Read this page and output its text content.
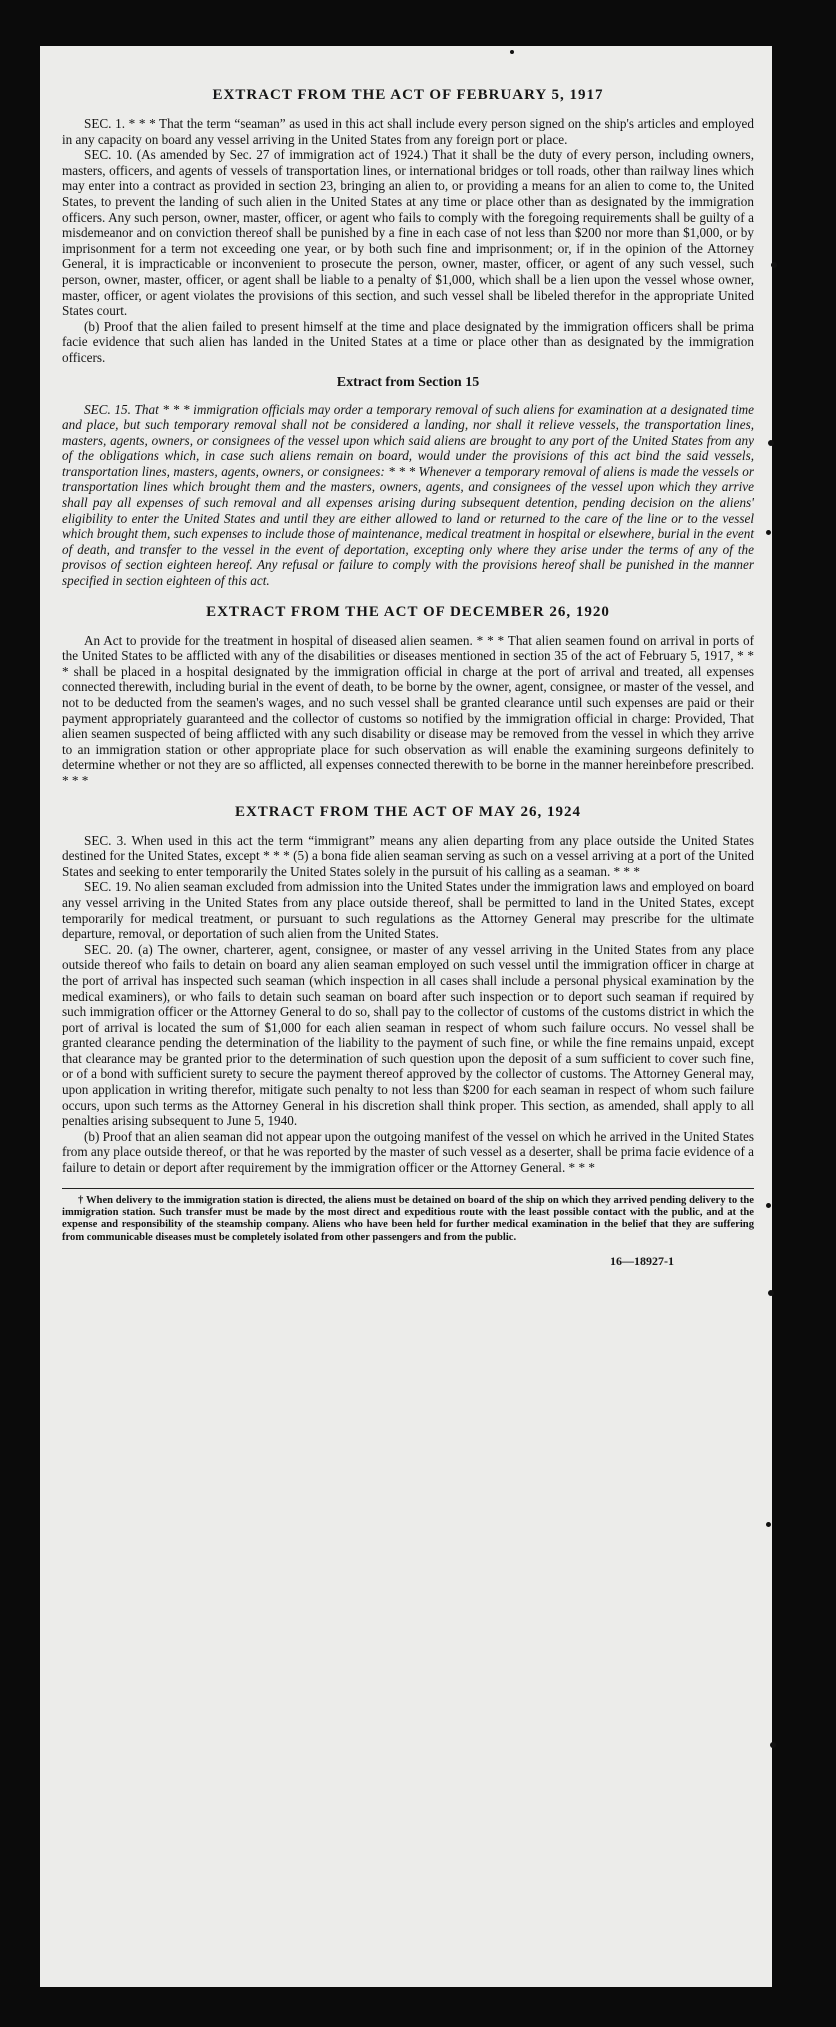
EXTRACT FROM THE ACT OF FEBRUARY 5, 1917

SEC. 1. * * * That the term “seaman” as used in this act shall include every person signed on the ship's articles and employed in any capacity on board any vessel arriving in the United States from any foreign port or place.

SEC. 10. (As amended by Sec. 27 of immigration act of 1924.) That it shall be the duty of every person, including owners, masters, officers, and agents of vessels of transportation lines, or international bridges or toll roads, other than railway lines which may enter into a contract as provided in section 23, bringing an alien to, or providing a means for an alien to come to, the United States, to prevent the landing of such alien in the United States at any time or place other than as designated by the immigration officers. Any such person, owner, master, officer, or agent who fails to comply with the foregoing requirements shall be guilty of a misdemeanor and on conviction thereof shall be punished by a fine in each case of not less than $200 nor more than $1,000, or by imprisonment for a term not exceeding one year, or by both such fine and imprisonment; or, if in the opinion of the Attorney General, it is impracticable or inconvenient to prosecute the person, owner, master, officer, or agent of any such vessel, such person, owner, master, officer, or agent shall be liable to a penalty of $1,000, which shall be a lien upon the vessel whose owner, master, officer, or agent violates the provisions of this section, and such vessel shall be libeled therefor in the appropriate United States court.

(b) Proof that the alien failed to present himself at the time and place designated by the immigration officers shall be prima facie evidence that such alien has landed in the United States at a time or place other than as designated by the immigration officers.

Extract from Section 15

SEC. 15. That * * * immigration officials may order a temporary removal of such aliens for examination at a designated time and place, but such temporary removal shall not be considered a landing, nor shall it relieve vessels, the transportation lines, masters, agents, owners, or consignees of the vessel upon which said aliens are brought to any port of the United States from any of the obligations which, in case such aliens remain on board, would under the provisions of this act bind the said vessels, transportation lines, masters, agents, owners, or consignees: * * * Whenever a temporary removal of aliens is made the vessels or transportation lines which brought them and the masters, owners, agents, and consignees of the vessel upon which they arrive shall pay all expenses of such removal and all expenses arising during subsequent detention, pending decision on the aliens' eligibility to enter the United States and until they are either allowed to land or returned to the care of the line or to the vessel which brought them, such expenses to include those of maintenance, medical treatment in hospital or elsewhere, burial in the event of death, and transfer to the vessel in the event of deportation, excepting only where they arise under the terms of any of the provisos of section eighteen hereof. Any refusal or failure to comply with the provisions hereof shall be punished in the manner specified in section eighteen of this act.

EXTRACT FROM THE ACT OF DECEMBER 26, 1920

An Act to provide for the treatment in hospital of diseased alien seamen. * * * That alien seamen found on arrival in ports of the United States to be afflicted with any of the disabilities or diseases mentioned in section 35 of the act of February 5, 1917, * * * shall be placed in a hospital designated by the immigration official in charge at the port of arrival and treated, all expenses connected therewith, including burial in the event of death, to be borne by the owner, agent, consignee, or master of the vessel, and not to be deducted from the seamen's wages, and no such vessel shall be granted clearance until such expenses are paid or their payment appropriately guaranteed and the collector of customs so notified by the immigration official in charge: Provided, That alien seamen suspected of being afflicted with any such disability or disease may be removed from the vessel in which they arrive to an immigration station or other appropriate place for such observation as will enable the examining surgeons definitely to determine whether or not they are so afflicted, all expenses connected therewith to be borne in the manner hereinbefore prescribed. * * *

EXTRACT FROM THE ACT OF MAY 26, 1924

SEC. 3. When used in this act the term “immigrant” means any alien departing from any place outside the United States destined for the United States, except * * * (5) a bona fide alien seaman serving as such on a vessel arriving at a port of the United States and seeking to enter temporarily the United States solely in the pursuit of his calling as a seaman. * * *

SEC. 19. No alien seaman excluded from admission into the United States under the immigration laws and employed on board any vessel arriving in the United States from any place outside thereof, shall be permitted to land in the United States, except temporarily for medical treatment, or pursuant to such regulations as the Attorney General may prescribe for the ultimate departure, removal, or deportation of such alien from the United States.

SEC. 20. (a) The owner, charterer, agent, consignee, or master of any vessel arriving in the United States from any place outside thereof who fails to detain on board any alien seaman employed on such vessel until the immigration officer in charge at the port of arrival has inspected such seaman (which inspection in all cases shall include a personal physical examination by the medical examiners), or who fails to detain such seaman on board after such inspection or to deport such seaman if required by such immigration officer or the Attorney General to do so, shall pay to the collector of customs of the customs district in which the port of arrival is located the sum of $1,000 for each alien seaman in respect of whom such failure occurs. No vessel shall be granted clearance pending the determination of the liability to the payment of such fine, or while the fine remains unpaid, except that clearance may be granted prior to the determination of such question upon the deposit of a sum sufficient to cover such fine, or of a bond with sufficient surety to secure the payment thereof approved by the collector of customs. The Attorney General may, upon application in writing therefor, mitigate such penalty to not less than $200 for each seaman in respect of whom such failure occurs, upon such terms as the Attorney General in his discretion shall think proper. This section, as amended, shall apply to all penalties arising subsequent to June 5, 1940.

(b) Proof that an alien seaman did not appear upon the outgoing manifest of the vessel on which he arrived in the United States from any place outside thereof, or that he was reported by the master of such vessel as a deserter, shall be prima facie evidence of a failure to detain or deport after requirement by the immigration officer or the Attorney General. * * *

† When delivery to the immigration station is directed, the aliens must be detained on board of the ship on which they arrived pending delivery to the immigration station. Such transfer must be made by the most direct and expeditious route with the least possible contact with the public, and at the expense and responsibility of the steamship company. Aliens who have been held for further medical examination in the belief that they are suffering from communicable diseases must be completely isolated from other passengers and from the public.

16—18927-1
